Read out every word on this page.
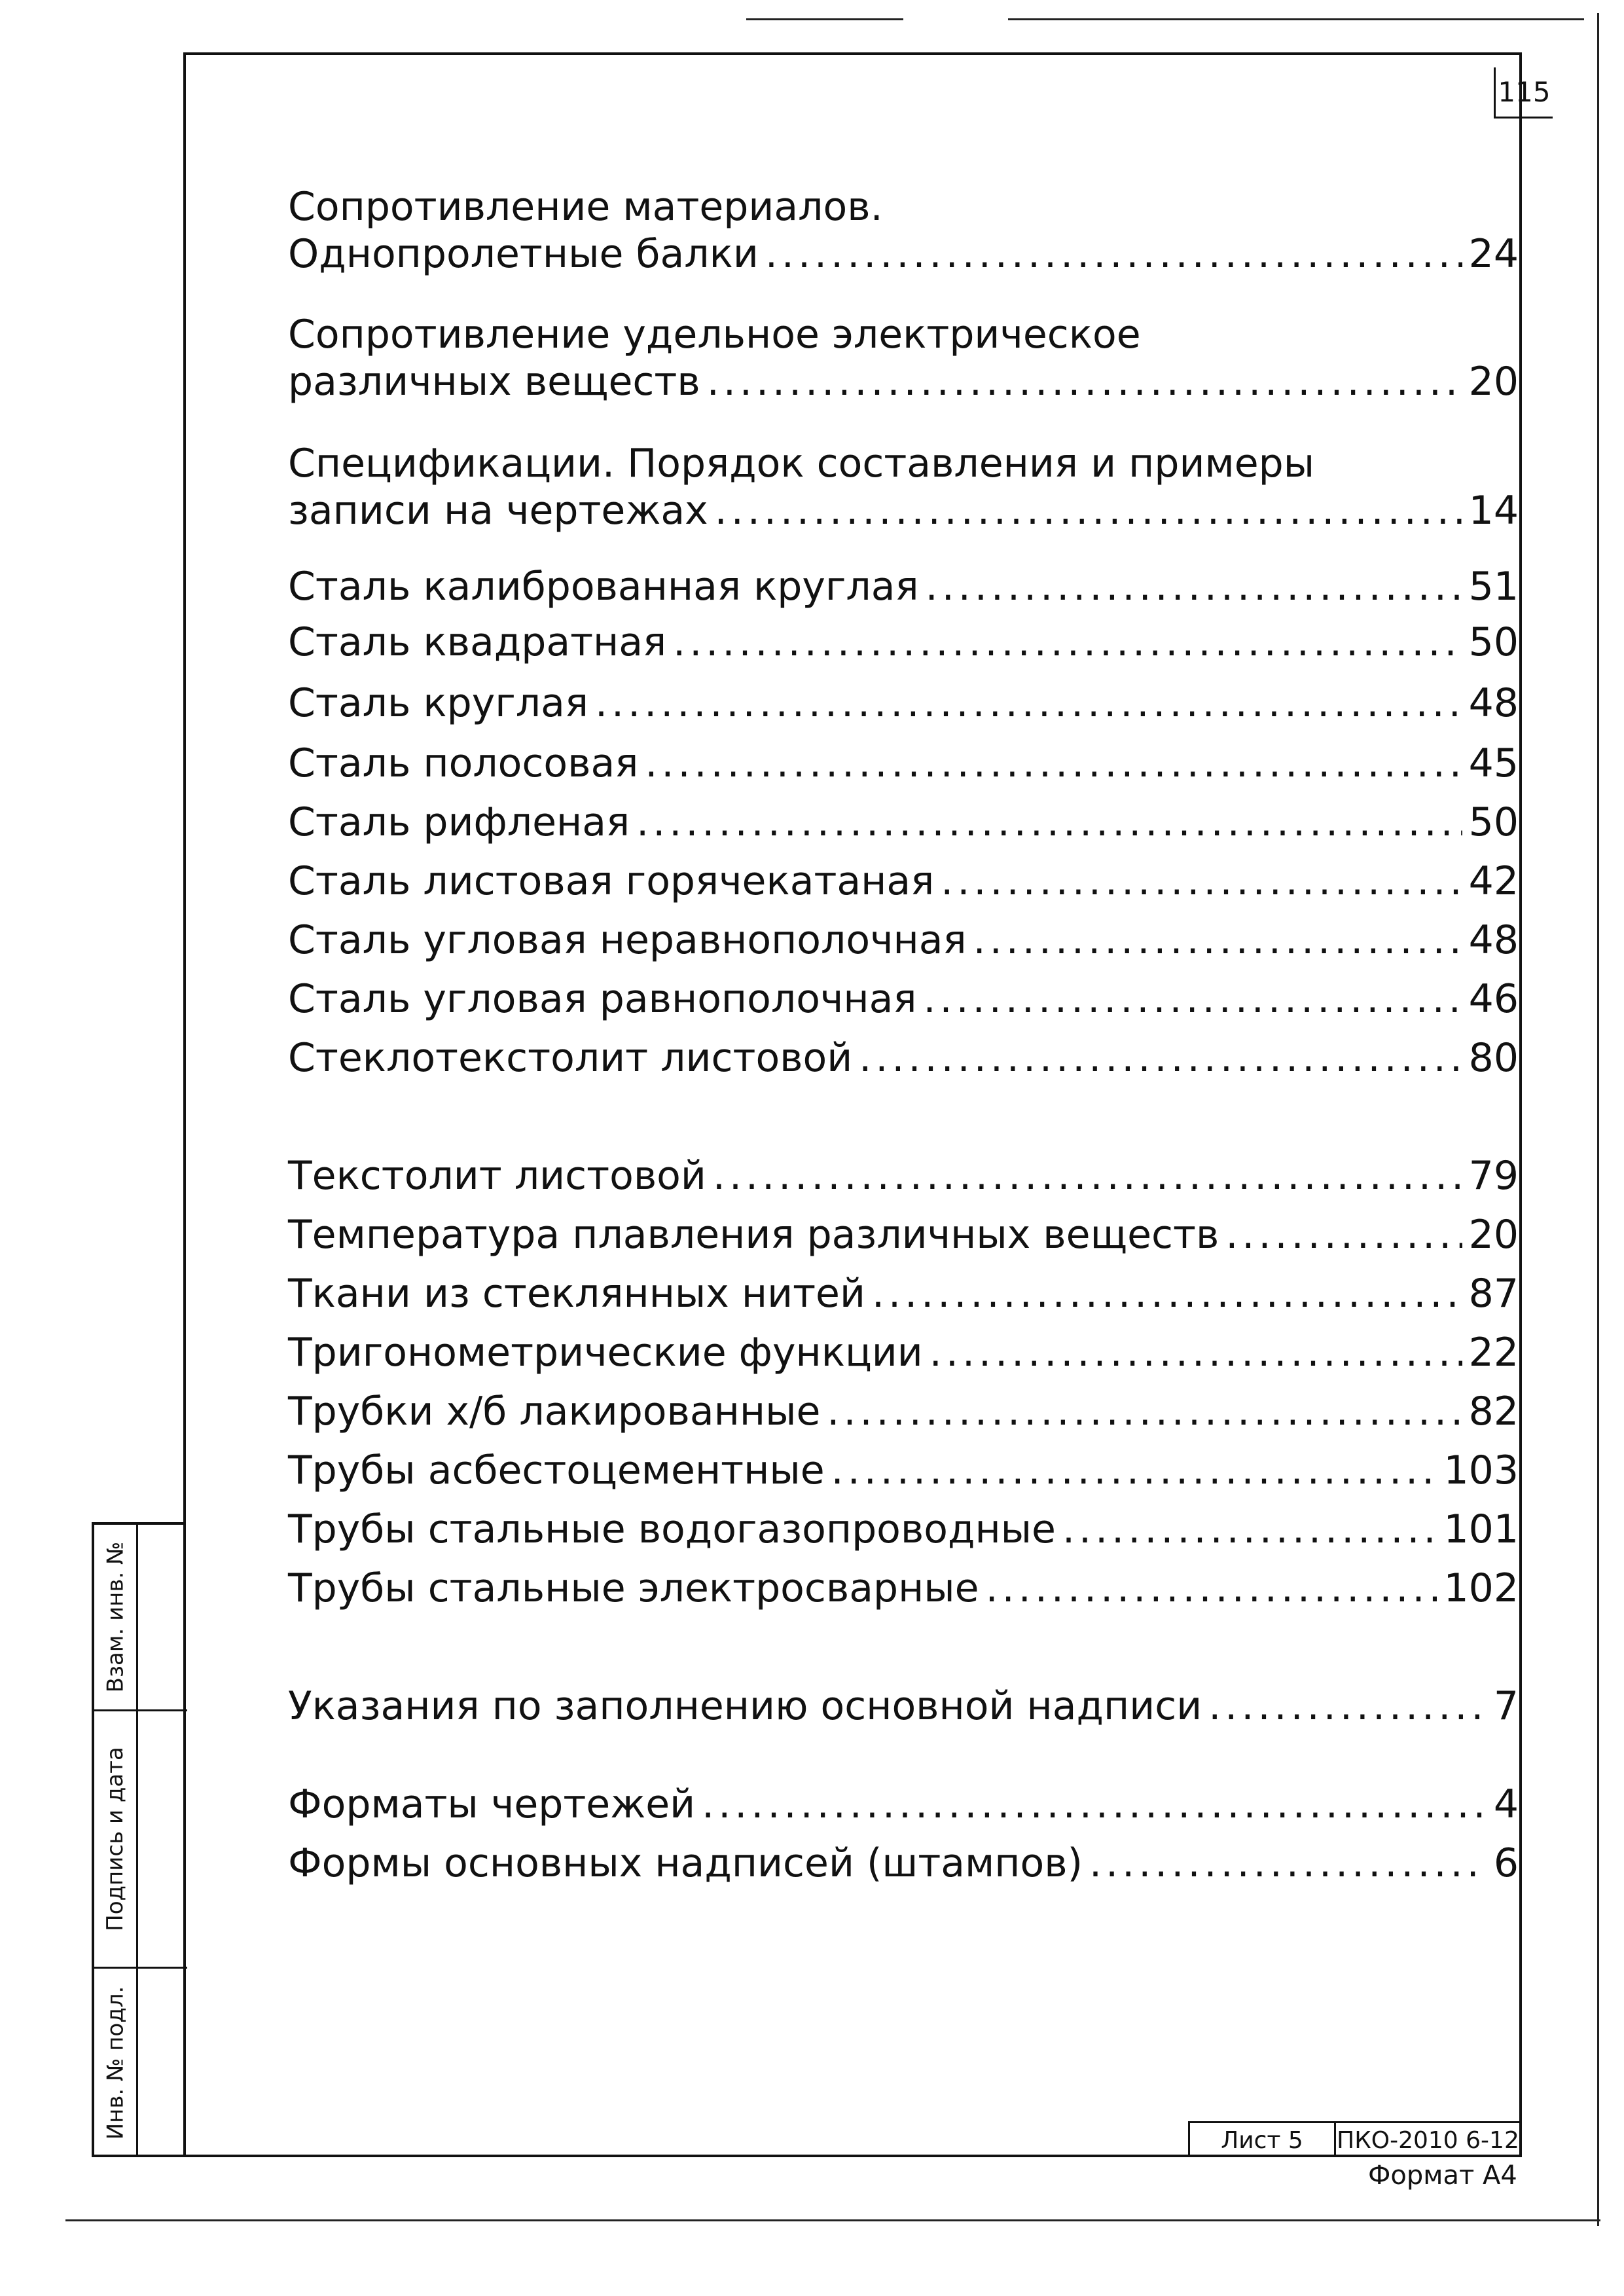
115
Взам. инв. №
Подпись и дата
Инв. № подл.
Сопротивление материалов.
Однопролетные балки .....	24
Сопротивление удельное электрическое
различных веществ .....	20
Спецификации. Порядок составления и примеры
записи на чертежах .....	14
Сталь калиброванная круглая .....	51
Сталь квадратная .....	50
Сталь круглая .....	48
Сталь полосовая .....	45
Сталь рифленая .....	50
Сталь листовая горячекатаная .....	42
Сталь угловая неравнополочная .....	48
Сталь угловая равнополочная .....	46
Стеклотекстолит листовой .....	80
Текстолит листовой .....	79
Температура плавления различных веществ .....	20
Ткани из стеклянных нитей .....	87
Тригонометрические функции .....	22
Трубки х/б лакированные .....	82
Трубы асбестоцементные .....	103
Трубы стальные водогазопроводные .....	101
Трубы стальные электросварные .....	102
Указания по заполнению основной надписи .....	7
Форматы чертежей .....	4
Формы основных надписей (штампов) .....	6
Лист 5	ПКО-2010 6-12
Формат А4
